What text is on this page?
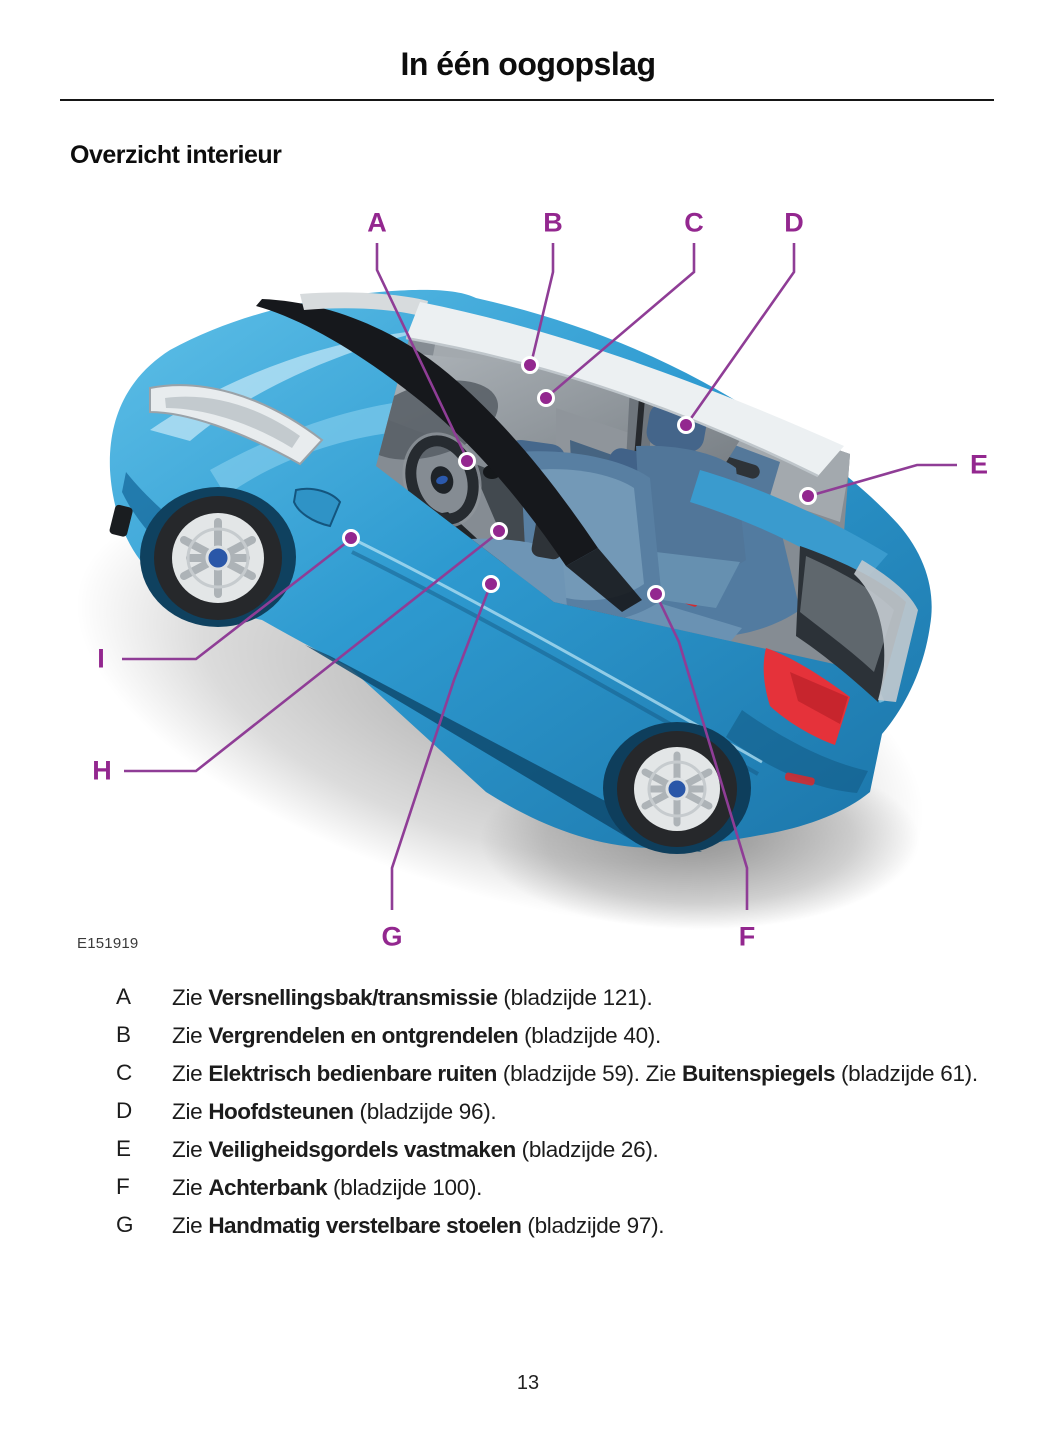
In één oogopslag
Overzicht interieur
A	B	C	D
E
F
G
H
I
E151919
A	Zie Versnellingsbak/transmissie (bladzijde 121).
B	Zie Vergrendelen en ontgrendelen (bladzijde 40).
C	Zie Elektrisch bedienbare ruiten (bladzijde 59). Zie Buitenspiegels (bladzijde 61).
D	Zie Hoofdsteunen (bladzijde 96).
E	Zie Veiligheidsgordels vastmaken (bladzijde 26).
F	Zie Achterbank (bladzijde 100).
G	Zie Handmatig verstelbare stoelen (bladzijde 97).
13
